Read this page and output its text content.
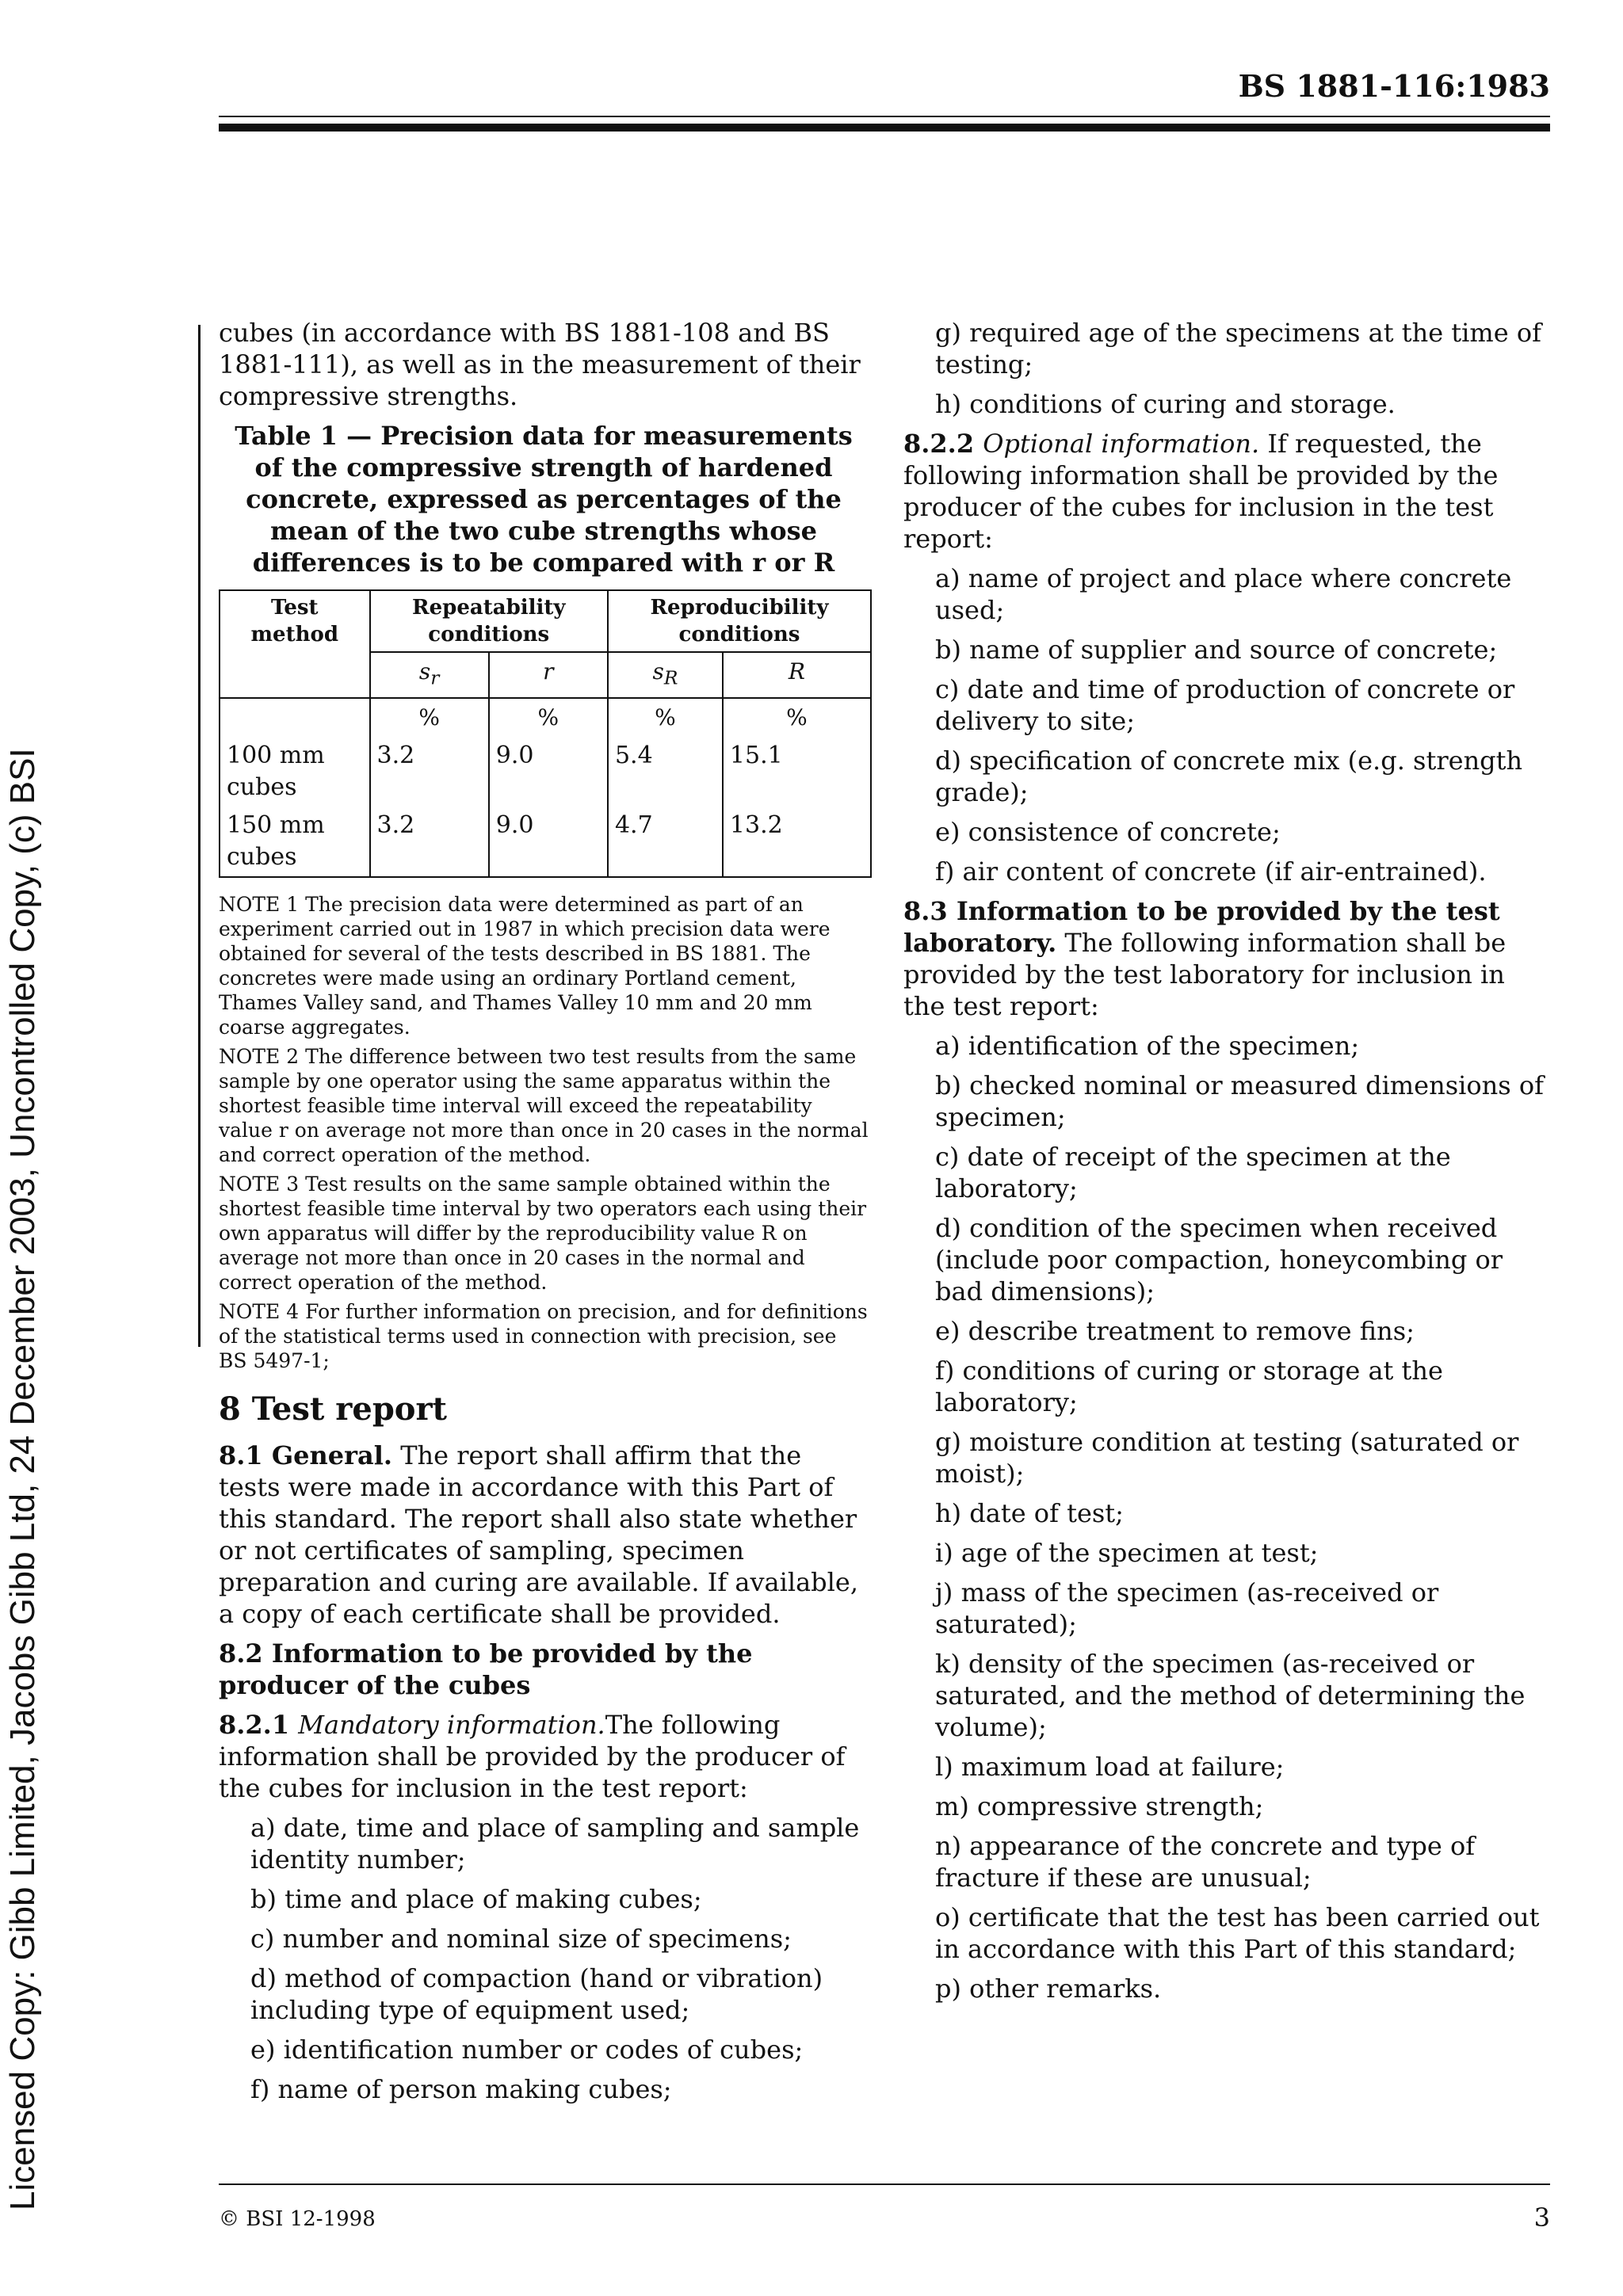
BS 1881-116:1983
Licensed Copy: Gibb Limited, Jacobs Gibb Ltd, 24 December 2003, Uncontrolled Copy, (c) BSI

cubes (in accordance with BS 1881-108 and BS 1881-111), as well as in the measurement of their compressive strengths.

Table 1 — Precision data for measurements of the compressive strength of hardened concrete, expressed as percentages of the mean of the two cube strengths whose differences is to be compared with r or R
Test method	Repeatability conditions		Reproducibility conditions	
	$s_r$	r	$s_R$	R
	%	%	%	%
100 mm cubes	3.2	9.0	5.4	15.1
150 mm cubes	3.2	9.0	4.7	13.2

NOTE 1 The precision data were determined as part of an experiment carried out in 1987 in which precision data were obtained for several of the tests described in BS 1881. The concretes were made using an ordinary Portland cement, Thames Valley sand, and Thames Valley 10 mm and 20 mm coarse aggregates.

NOTE 2 The difference between two test results from the same sample by one operator using the same apparatus within the shortest feasible time interval will exceed the repeatability value r on average not more than once in 20 cases in the normal and correct operation of the method.

NOTE 3 Test results on the same sample obtained within the shortest feasible time interval by two operators each using their own apparatus will differ by the reproducibility value R on average not more than once in 20 cases in the normal and correct operation of the method.

NOTE 4 For further information on precision, and for definitions of the statistical terms used in connection with precision, see BS 5497-1;

8 Test report

8.1 General. The report shall affirm that the tests were made in accordance with this Part of this standard. The report shall also state whether or not certificates of sampling, specimen preparation and curing are available. If available, a copy of each certificate shall be provided.

8.2 Information to be provided by the producer of the cubes

8.2.1 Mandatory information.The following information shall be provided by the producer of the cubes for inclusion in the test report:

a) date, time and place of sampling and sample identity number;

b) time and place of making cubes;

c) number and nominal size of specimens;

d) method of compaction (hand or vibration) including type of equipment used;

e) identification number or codes of cubes;

f) name of person making cubes;

g) required age of the specimens at the time of testing;

h) conditions of curing and storage.

8.2.2 Optional information. If requested, the following information shall be provided by the producer of the cubes for inclusion in the test report:

a) name of project and place where concrete used;

b) name of supplier and source of concrete;

c) date and time of production of concrete or delivery to site;

d) specification of concrete mix (e.g. strength grade);

e) consistence of concrete;

f) air content of concrete (if air-entrained).

8.3 Information to be provided by the test laboratory. The following information shall be provided by the test laboratory for inclusion in the test report:

a) identification of the specimen;

b) checked nominal or measured dimensions of specimen;

c) date of receipt of the specimen at the laboratory;

d) condition of the specimen when received (include poor compaction, honeycombing or bad dimensions);

e) describe treatment to remove fins;

f) conditions of curing or storage at the laboratory;

g) moisture condition at testing (saturated or moist);

h) date of test;

i) age of the specimen at test;

j) mass of the specimen (as-received or saturated);

k) density of the specimen (as-received or saturated, and the method of determining the volume);

l) maximum load at failure;

m) compressive strength;

n) appearance of the concrete and type of fracture if these are unusual;

o) certificate that the test has been carried out in accordance with this Part of this standard;

p) other remarks.

© BSI 12-1998	3
